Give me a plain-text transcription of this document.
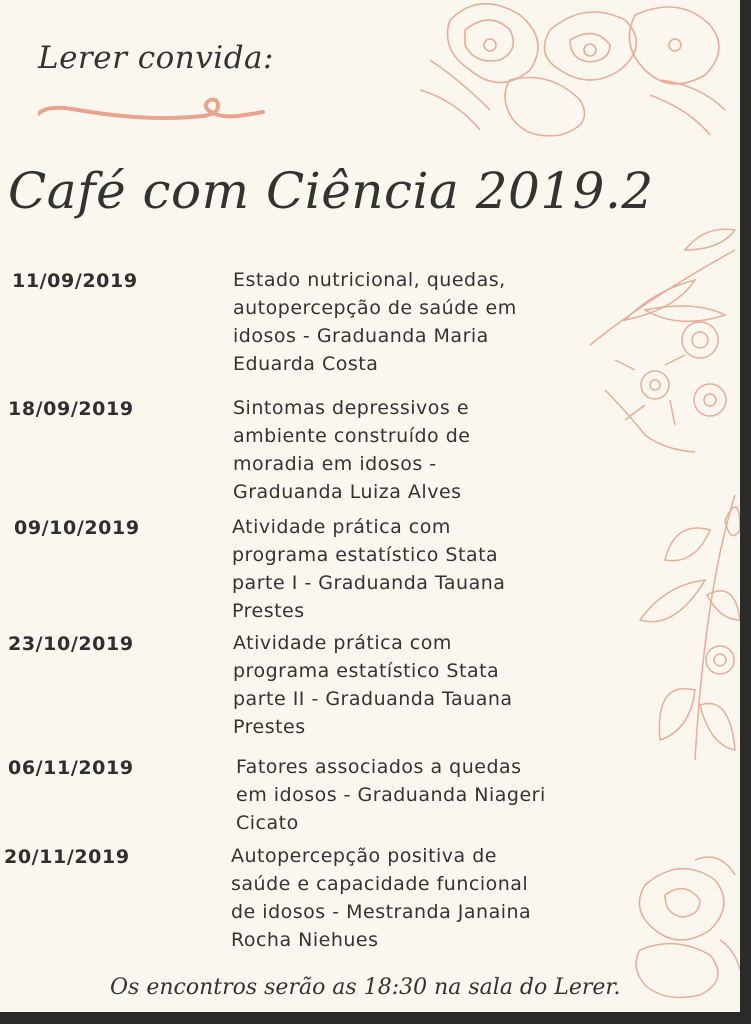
Lerer convida:
Café com Ciência 2019.2
11/09/2019	Estado nutricional, quedas,
autopercepção de saúde em
idosos - Graduanda Maria
Eduarda Costa
18/09/2019	Sintomas depressivos e
ambiente construído de
moradia em idosos -
Graduanda Luiza Alves
09/10/2019	Atividade prática com
programa estatístico Stata
parte I - Graduanda Tauana
Prestes
23/10/2019	Atividade prática com
programa estatístico Stata
parte II - Graduanda Tauana
Prestes
06/11/2019	Fatores associados a quedas
em idosos - Graduanda Niageri
Cicato
20/11/2019	Autopercepção positiva de
saúde e capacidade funcional
de idosos - Mestranda Janaina
Rocha Niehues
Os encontros serão as 18:30 na sala do Lerer.
